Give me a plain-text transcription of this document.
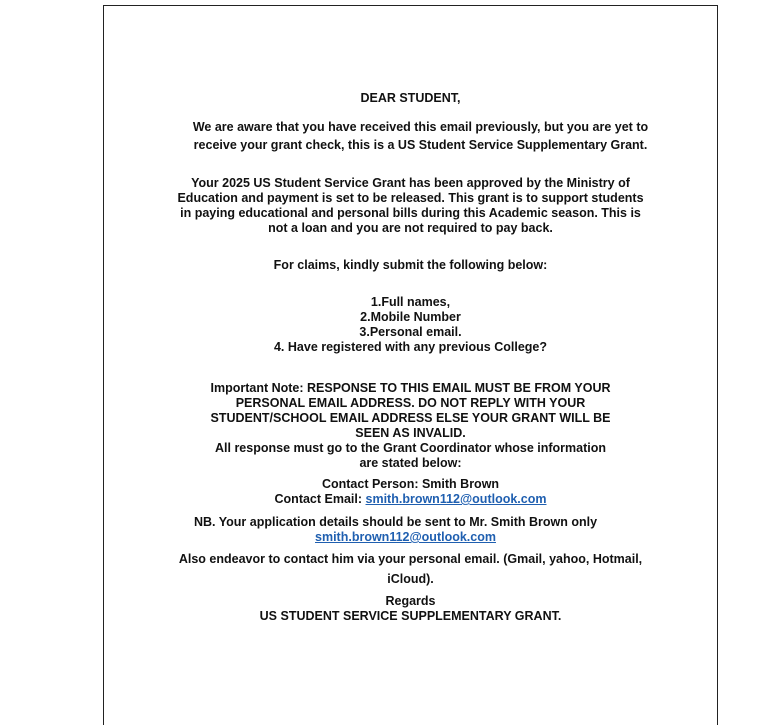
DEAR STUDENT,
We are aware that you have received this email previously, but you are yet to
receive your grant check, this is a US Student Service Supplementary Grant.
Your 2025 US Student Service Grant has been approved by the Ministry of
Education and payment is set to be released. This grant is to support students
in paying educational and personal bills during this Academic season. This is
not a loan and you are not required to pay back.
For claims, kindly submit the following below:
1.Full names,
2.Mobile Number
3.Personal email.
4. Have registered with any previous College?
Important Note: RESPONSE TO THIS EMAIL MUST BE FROM YOUR
PERSONAL EMAIL ADDRESS. DO NOT REPLY WITH YOUR
STUDENT/SCHOOL EMAIL ADDRESS ELSE YOUR GRANT WILL BE
SEEN AS INVALID.
All response must go to the Grant Coordinator whose information
are stated below:
Contact Person: Smith Brown
Contact Email: smith.brown112@outlook.com
NB. Your application details should be sent to Mr. Smith Brown only
smith.brown112@outlook.com
Also endeavor to contact him via your personal email. (Gmail, yahoo, Hotmail,
iCloud).
Regards
US STUDENT SERVICE SUPPLEMENTARY GRANT.
